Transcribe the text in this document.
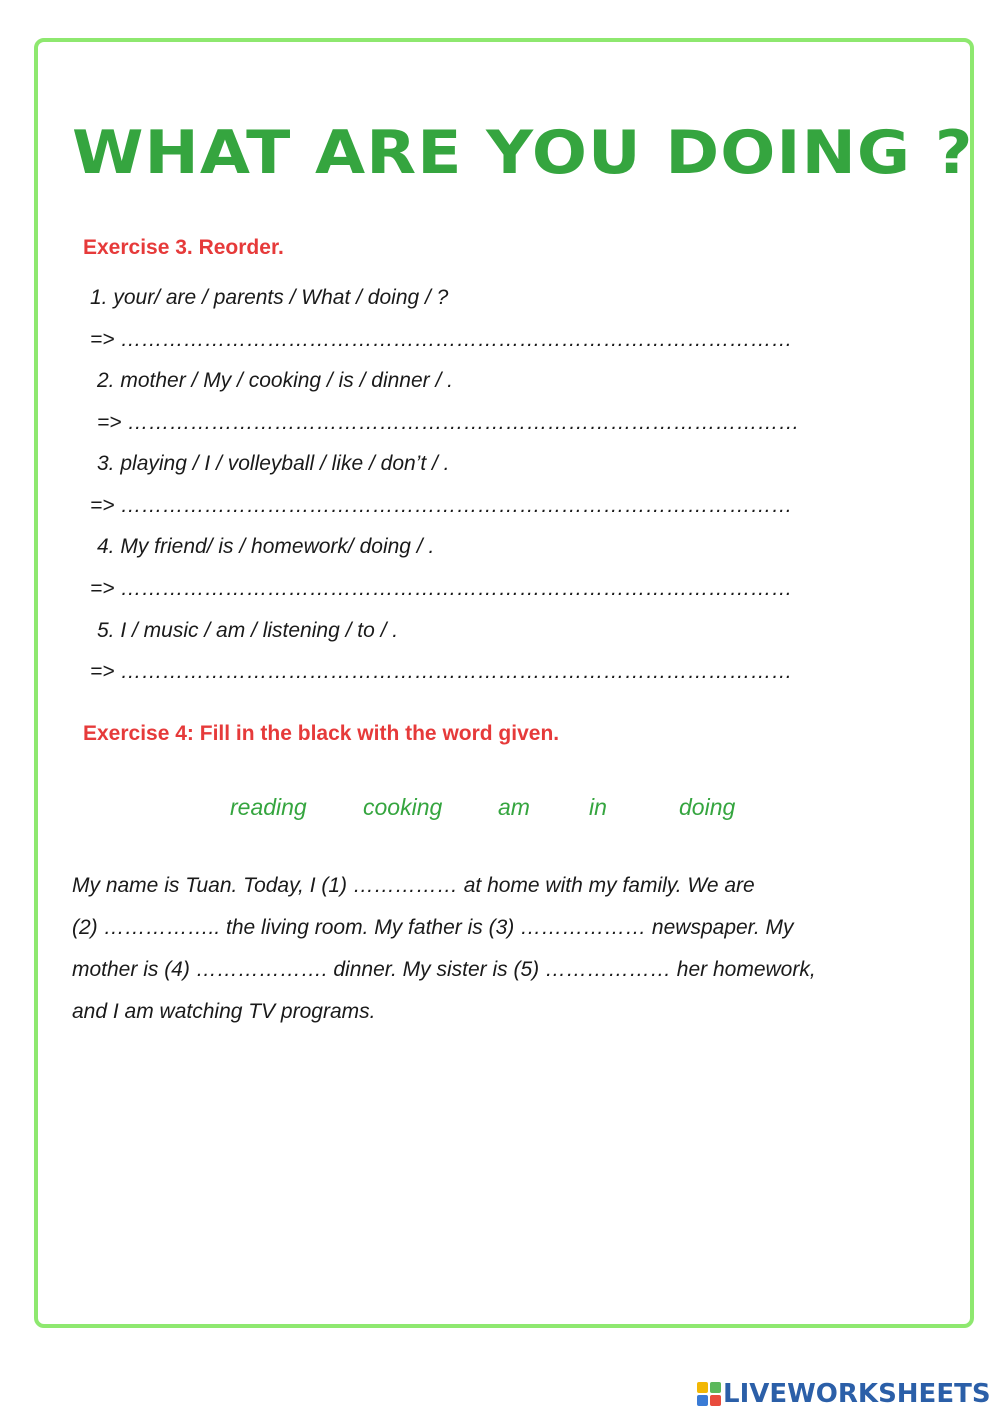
WHAT ARE YOU DOING ?
Exercise 3. Reorder.

1. your/ are / parents / What / doing / ?

=> ……………………………………………………………………………………

2. mother / My / cooking / is / dinner / .

=> ……………………………………………………………………………………

3. playing / I / volleyball / like / don’t / .

=> ……………………………………………………………………………………

4. My friend/ is / homework/ doing / .

=> ……………………………………………………………………………………

5. I / music / am / listening / to / .

=> ……………………………………………………………………………………

Exercise 4: Fill in the black with the word given.
reading cooking am	in	doing

My name is Tuan. Today, I (1) …………… at home with my family. We are

(2) …………….. the living room. My father is (3) ……………… newspaper. My

mother is (4) ………………. dinner. My sister is (5) ……………… her homework,

and I am watching TV programs.

LIVEWORKSHEETS
